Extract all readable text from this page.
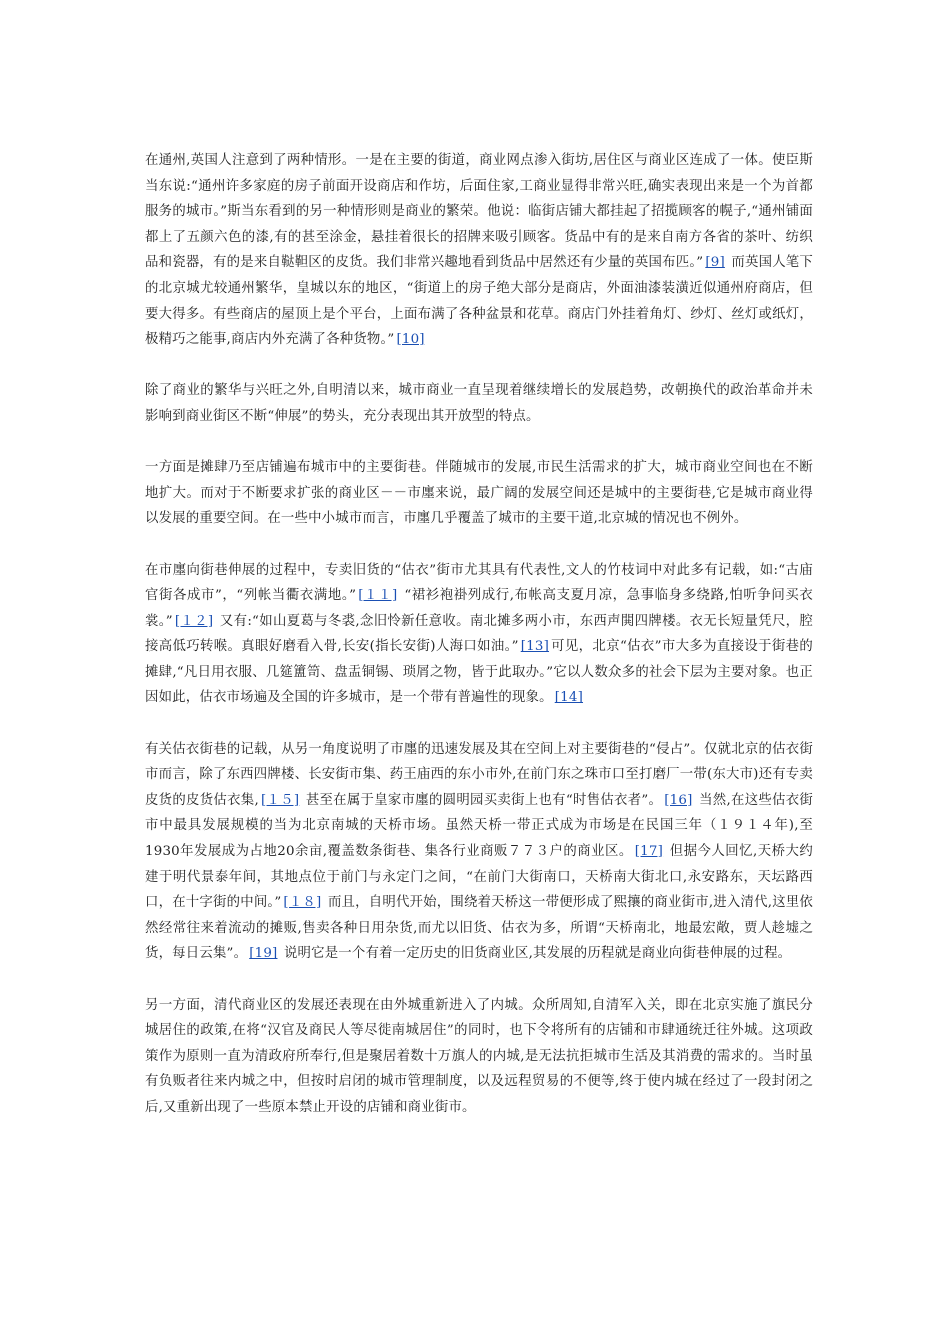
在通州,英国人注意到了两种情形。一是在主要的街道，商业网点渗入街坊,居住区与商业区连成了一体。使臣斯当东说:“通州许多家庭的房子前面开设商店和作坊，后面住家,工商业显得非常兴旺,确实表现出来是一个为首都服务的城市。”斯当东看到的另一种情形则是商业的繁荣。他说：临街店铺大都挂起了招揽顾客的幌子,“通州铺面都上了五颜六色的漆,有的甚至涂金，悬挂着很长的招牌来吸引顾客。货品中有的是来自南方各省的茶叶、纺织品和瓷器，有的是来自鞑靼区的皮货。我们非常兴趣地看到货品中居然还有少量的英国布匹。” [9] 而英国人笔下的北京城尤较通州繁华，皇城以东的地区，“街道上的房子绝大部分是商店，外面油漆装潢近似通州府商店，但要大得多。有些商店的屋顶上是个平台，上面布满了各种盆景和花草。商店门外挂着角灯、纱灯、丝灯或纸灯，极精巧之能事,商店内外充满了各种货物。” [10]

除了商业的繁华与兴旺之外,自明清以来，城市商业一直呈现着继续增长的发展趋势，改朝换代的政治革命并未影响到商业街区不断“伸展”的势头，充分表现出其开放型的特点。

一方面是摊肆乃至店铺遍布城市中的主要街巷。伴随城市的发展,市民生活需求的扩大，城市商业空间也在不断地扩大。而对于不断要求扩张的商业区－－市廛来说，最广阔的发展空间还是城中的主要街巷,它是城市商业得以发展的重要空间。在一些中小城市而言，市廛几乎覆盖了城市的主要干道,北京城的情况也不例外。

在市廛向街巷伸展的过程中，专卖旧货的“估衣”街市尤其具有代表性,文人的竹枝词中对此多有记载，如:“古庙官街各成市”，“列帐当衢衣满地。” [１１] “裙衫袍褂列成行,布帐高支夏月凉，急事临身多绕路,怕听争问买衣裳。” [１２] 又有:“如山夏葛与冬裘,念旧怜新任意收。南北摊多两小市，东西声閧四牌楼。衣无长短量凭尺，腔接高低巧转喉。真眼好磨看入骨,长安(指长安街)人海口如油。” [13] 可见，北京“估衣”市大多为直接设于街巷的摊肆,“凡日用衣服、几筵簠笥、盘盂铜锡、琐屑之物，皆于此取办。”它以人数众多的社会下层为主要对象。也正因如此，估衣市场遍及全国的许多城市，是一个带有普遍性的现象。 [14]

有关估衣街巷的记载，从另一角度说明了市廛的迅速发展及其在空间上对主要街巷的“侵占”。仅就北京的估衣街市而言，除了东西四牌楼、长安街市集、药王庙西的东小市外,在前门东之珠市口至打磨厂一带(东大市)还有专卖皮货的皮货估衣集, [１５] 甚至在属于皇家市廛的圆明园买卖街上也有“时售估衣者”。 [16] 当然,在这些估衣街市中最具发展规模的当为北京南城的天桥市场。虽然天桥一带正式成为市场是在民国三年（１９１４年),至1930年发展成为占地20余亩,覆盖数条街巷、集各行业商贩７７３户的商业区。 [17] 但据今人回忆,天桥大约建于明代景泰年间，其地点位于前门与永定门之间，“在前门大街南口，天桥南大街北口,永安路东，天坛路西口，在十字街的中间。” [１８] 而且，自明代开始，围绕着天桥这一带便形成了熙攘的商业街市,进入清代,这里依然经常往来着流动的摊贩,售卖各种日用杂货,而尤以旧货、估衣为多，所谓“天桥南北，地最宏敞，贾人趁墟之货，每日云集”。 [19] 说明它是一个有着一定历史的旧货商业区,其发展的历程就是商业向街巷伸展的过程。

另一方面，清代商业区的发展还表现在由外城重新进入了内城。众所周知,自清军入关，即在北京实施了旗民分城居住的政策,在将“汉官及商民人等尽徙南城居住”的同时，也下令将所有的店铺和市肆通统迁往外城。这项政策作为原则一直为清政府所奉行,但是聚居着数十万旗人的内城,是无法抗拒城市生活及其消费的需求的。当时虽有负贩者往来内城之中，但按时启闭的城市管理制度，以及远程贸易的不便等,终于使内城在经过了一段封闭之后,又重新出现了一些原本禁止开设的店铺和商业街市。
